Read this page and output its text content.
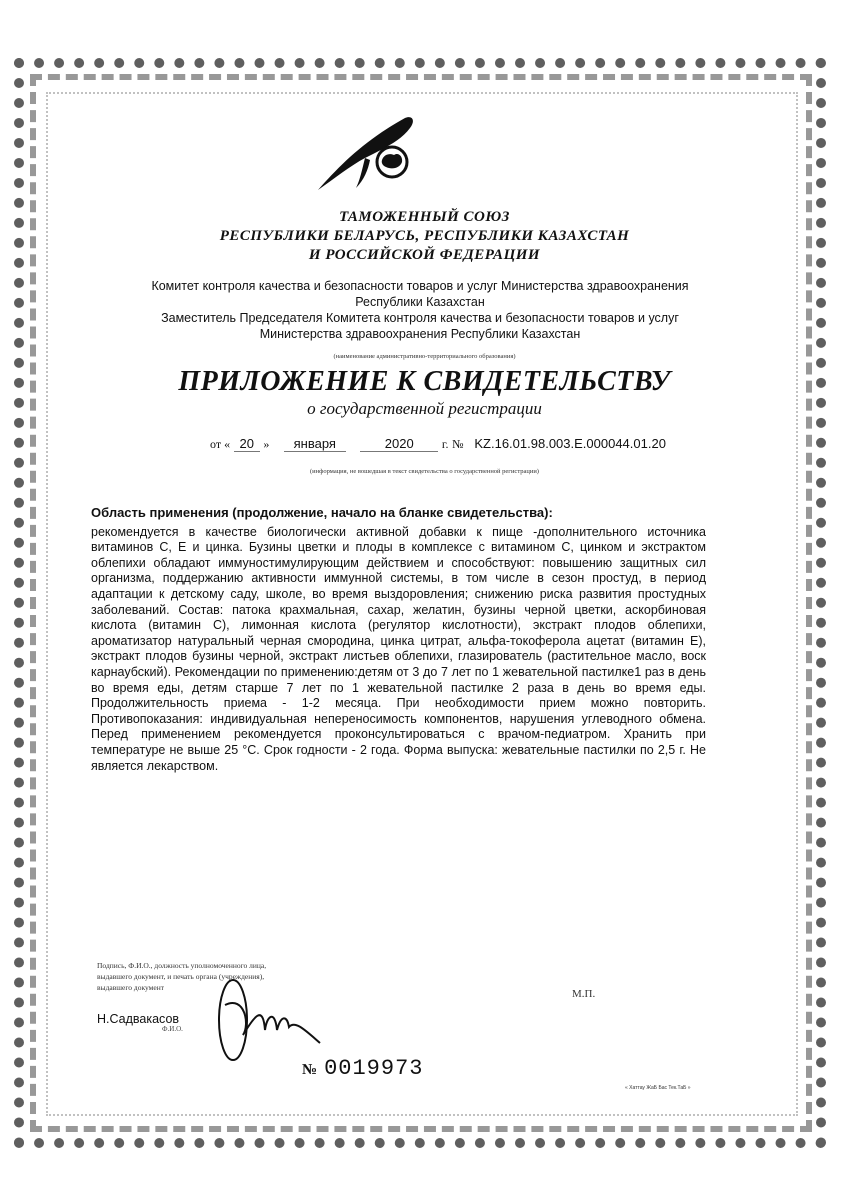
ТАМОЖЕННЫЙ СОЮЗ
РЕСПУБЛИКИ БЕЛАРУСЬ, РЕСПУБЛИКИ КАЗАХСТАН
И РОССИЙСКОЙ ФЕДЕРАЦИИ
Комитет контроля качества и безопасности товаров и услуг Министерства здравоохранения
Республики Казахстан
Заместитель Председателя Комитета контроля качества и безопасности товаров и услуг
Министерства здравоохранения Республики Казахстан
(наименование административно-территориального образования)
ПРИЛОЖЕНИЕ К СВИДЕТЕЛЬСТВУ
о государственной регистрации
от « 20 » января	2020 г. № KZ.16.01.98.003.E.000044.01.20
(информация, не вошедшая в текст свидетельства о государственной регистрации)
Область применения (продолжение, начало на бланке свидетельства):

рекомендуется в качестве биологически активной добавки к пище -дополнительного источника витаминов С, Е и цинка. Бузины цветки и плоды в комплексе с витамином С, цинком и экстрактом облепихи обладают иммуностимулирующим действием и способствуют: повышению защитных сил организма, поддержанию активности иммунной системы, в том числе в сезон простуд, в период адаптации к детскому саду, школе, во время выздоровления; снижению риска развития простудных заболеваний. Состав: патока крахмальная, сахар, желатин, бузины черной цветки, аскорбиновая кислота (витамин С), лимонная кислота (регулятор кислотности), экстракт плодов облепихи, ароматизатор натуральный черная смородина, цинка цитрат, альфа-токоферола ацетат (витамин Е), экстракт плодов бузины черной, экстракт листьев облепихи, глазирователь (растительное масло, воск карнаубский). Рекомендации по применению:детям от 3 до 7 лет по 1 жевательной пастилке1 раз в день во время еды, детям старше 7 лет по 1 жевательной пастилке 2 раза в день во время еды. Продолжительность приема - 1-2 месяца. При необходимости прием можно повторить. Противопоказания: индивидуальная непереносимость компонентов, нарушения углеводного обмена. Перед применением рекомендуется проконсультироваться с врачом-педиатром. Хранить при температуре не выше 25 °С. Срок годности - 2 года. Форма выпуска: жевательные пастилки по 2,5 г. Не является лекарством.

Подпись, Ф.И.О., должность уполномоченного лица,
выдавшего документ, и печать органа (учреждения),
выдавшего документ
Н.Садвакасов
Ф.И.О.
М.П.
№ 0019973
« Хаттау ЖаБ Бас Тек.ТаБ »
